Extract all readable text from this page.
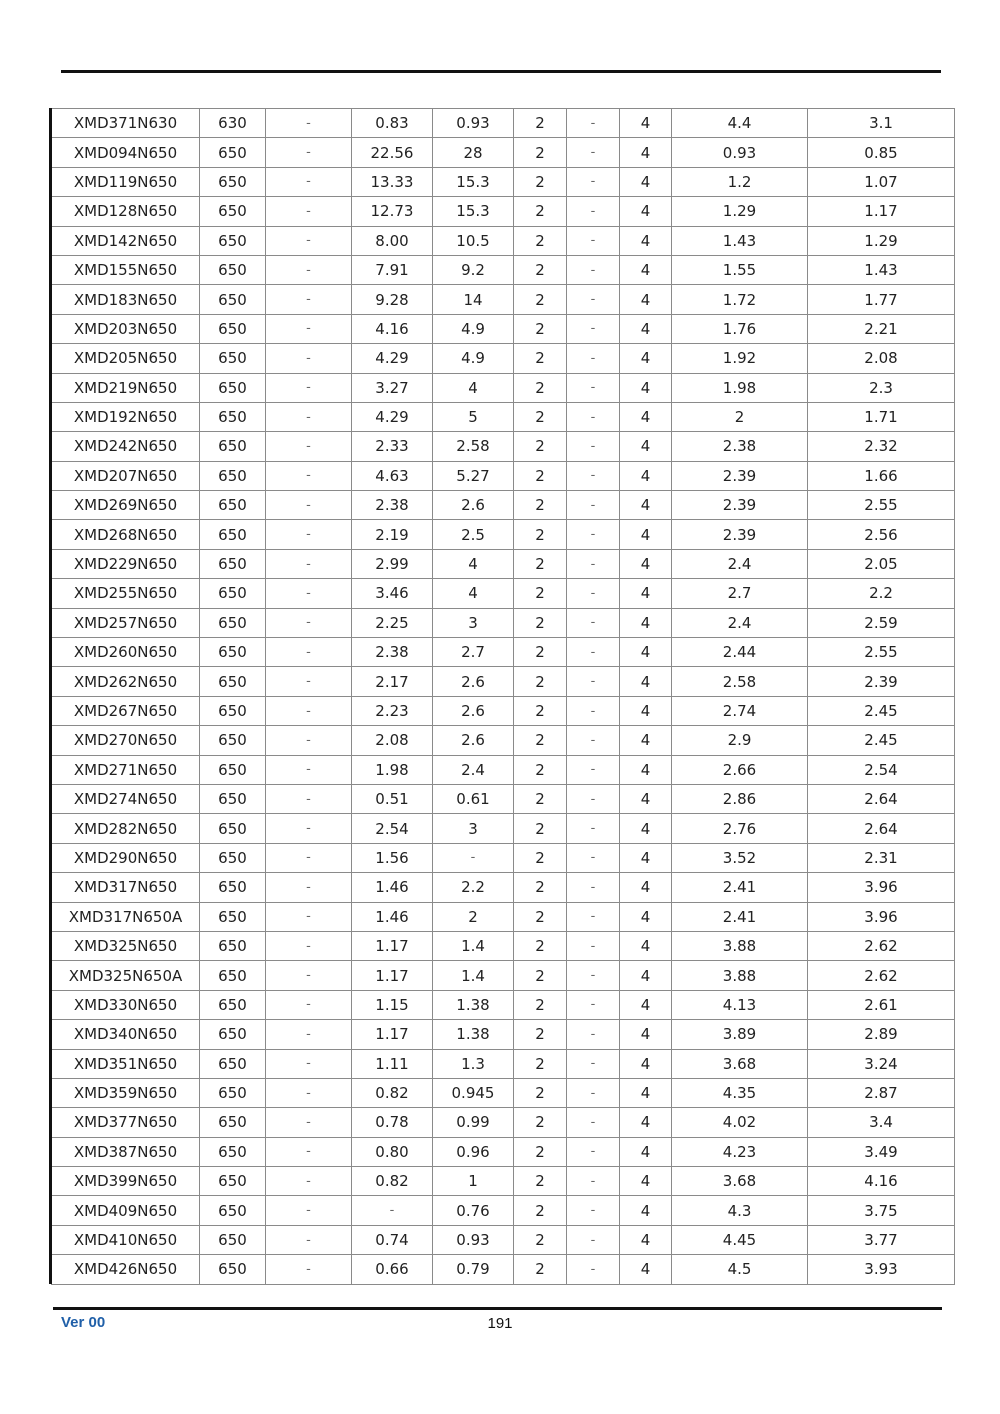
XMD371N630	630	-	0.83	0.93	2	-	4	4.4	3.1
XMD094N650	650	-	22.56	28	2	-	4	0.93	0.85
XMD119N650	650	-	13.33	15.3	2	-	4	1.2	1.07
XMD128N650	650	-	12.73	15.3	2	-	4	1.29	1.17
XMD142N650	650	-	8.00	10.5	2	-	4	1.43	1.29
XMD155N650	650	-	7.91	9.2	2	-	4	1.55	1.43
XMD183N650	650	-	9.28	14	2	-	4	1.72	1.77
XMD203N650	650	-	4.16	4.9	2	-	4	1.76	2.21
XMD205N650	650	-	4.29	4.9	2	-	4	1.92	2.08
XMD219N650	650	-	3.27	4	2	-	4	1.98	2.3
XMD192N650	650	-	4.29	5	2	-	4	2	1.71
XMD242N650	650	-	2.33	2.58	2	-	4	2.38	2.32
XMD207N650	650	-	4.63	5.27	2	-	4	2.39	1.66
XMD269N650	650	-	2.38	2.6	2	-	4	2.39	2.55
XMD268N650	650	-	2.19	2.5	2	-	4	2.39	2.56
XMD229N650	650	-	2.99	4	2	-	4	2.4	2.05
XMD255N650	650	-	3.46	4	2	-	4	2.7	2.2
XMD257N650	650	-	2.25	3	2	-	4	2.4	2.59
XMD260N650	650	-	2.38	2.7	2	-	4	2.44	2.55
XMD262N650	650	-	2.17	2.6	2	-	4	2.58	2.39
XMD267N650	650	-	2.23	2.6	2	-	4	2.74	2.45
XMD270N650	650	-	2.08	2.6	2	-	4	2.9	2.45
XMD271N650	650	-	1.98	2.4	2	-	4	2.66	2.54
XMD274N650	650	-	0.51	0.61	2	-	4	2.86	2.64
XMD282N650	650	-	2.54	3	2	-	4	2.76	2.64
XMD290N650	650	-	1.56	-	2	-	4	3.52	2.31
XMD317N650	650	-	1.46	2.2	2	-	4	2.41	3.96
XMD317N650A	650	-	1.46	2	2	-	4	2.41	3.96
XMD325N650	650	-	1.17	1.4	2	-	4	3.88	2.62
XMD325N650A	650	-	1.17	1.4	2	-	4	3.88	2.62
XMD330N650	650	-	1.15	1.38	2	-	4	4.13	2.61
XMD340N650	650	-	1.17	1.38	2	-	4	3.89	2.89
XMD351N650	650	-	1.11	1.3	2	-	4	3.68	3.24
XMD359N650	650	-	0.82	0.945	2	-	4	4.35	2.87
XMD377N650	650	-	0.78	0.99	2	-	4	4.02	3.4
XMD387N650	650	-	0.80	0.96	2	-	4	4.23	3.49
XMD399N650	650	-	0.82	1	2	-	4	3.68	4.16
XMD409N650	650	-	-	0.76	2	-	4	4.3	3.75
XMD410N650	650	-	0.74	0.93	2	-	4	4.45	3.77
XMD426N650	650	-	0.66	0.79	2	-	4	4.5	3.93
Ver 00	191
